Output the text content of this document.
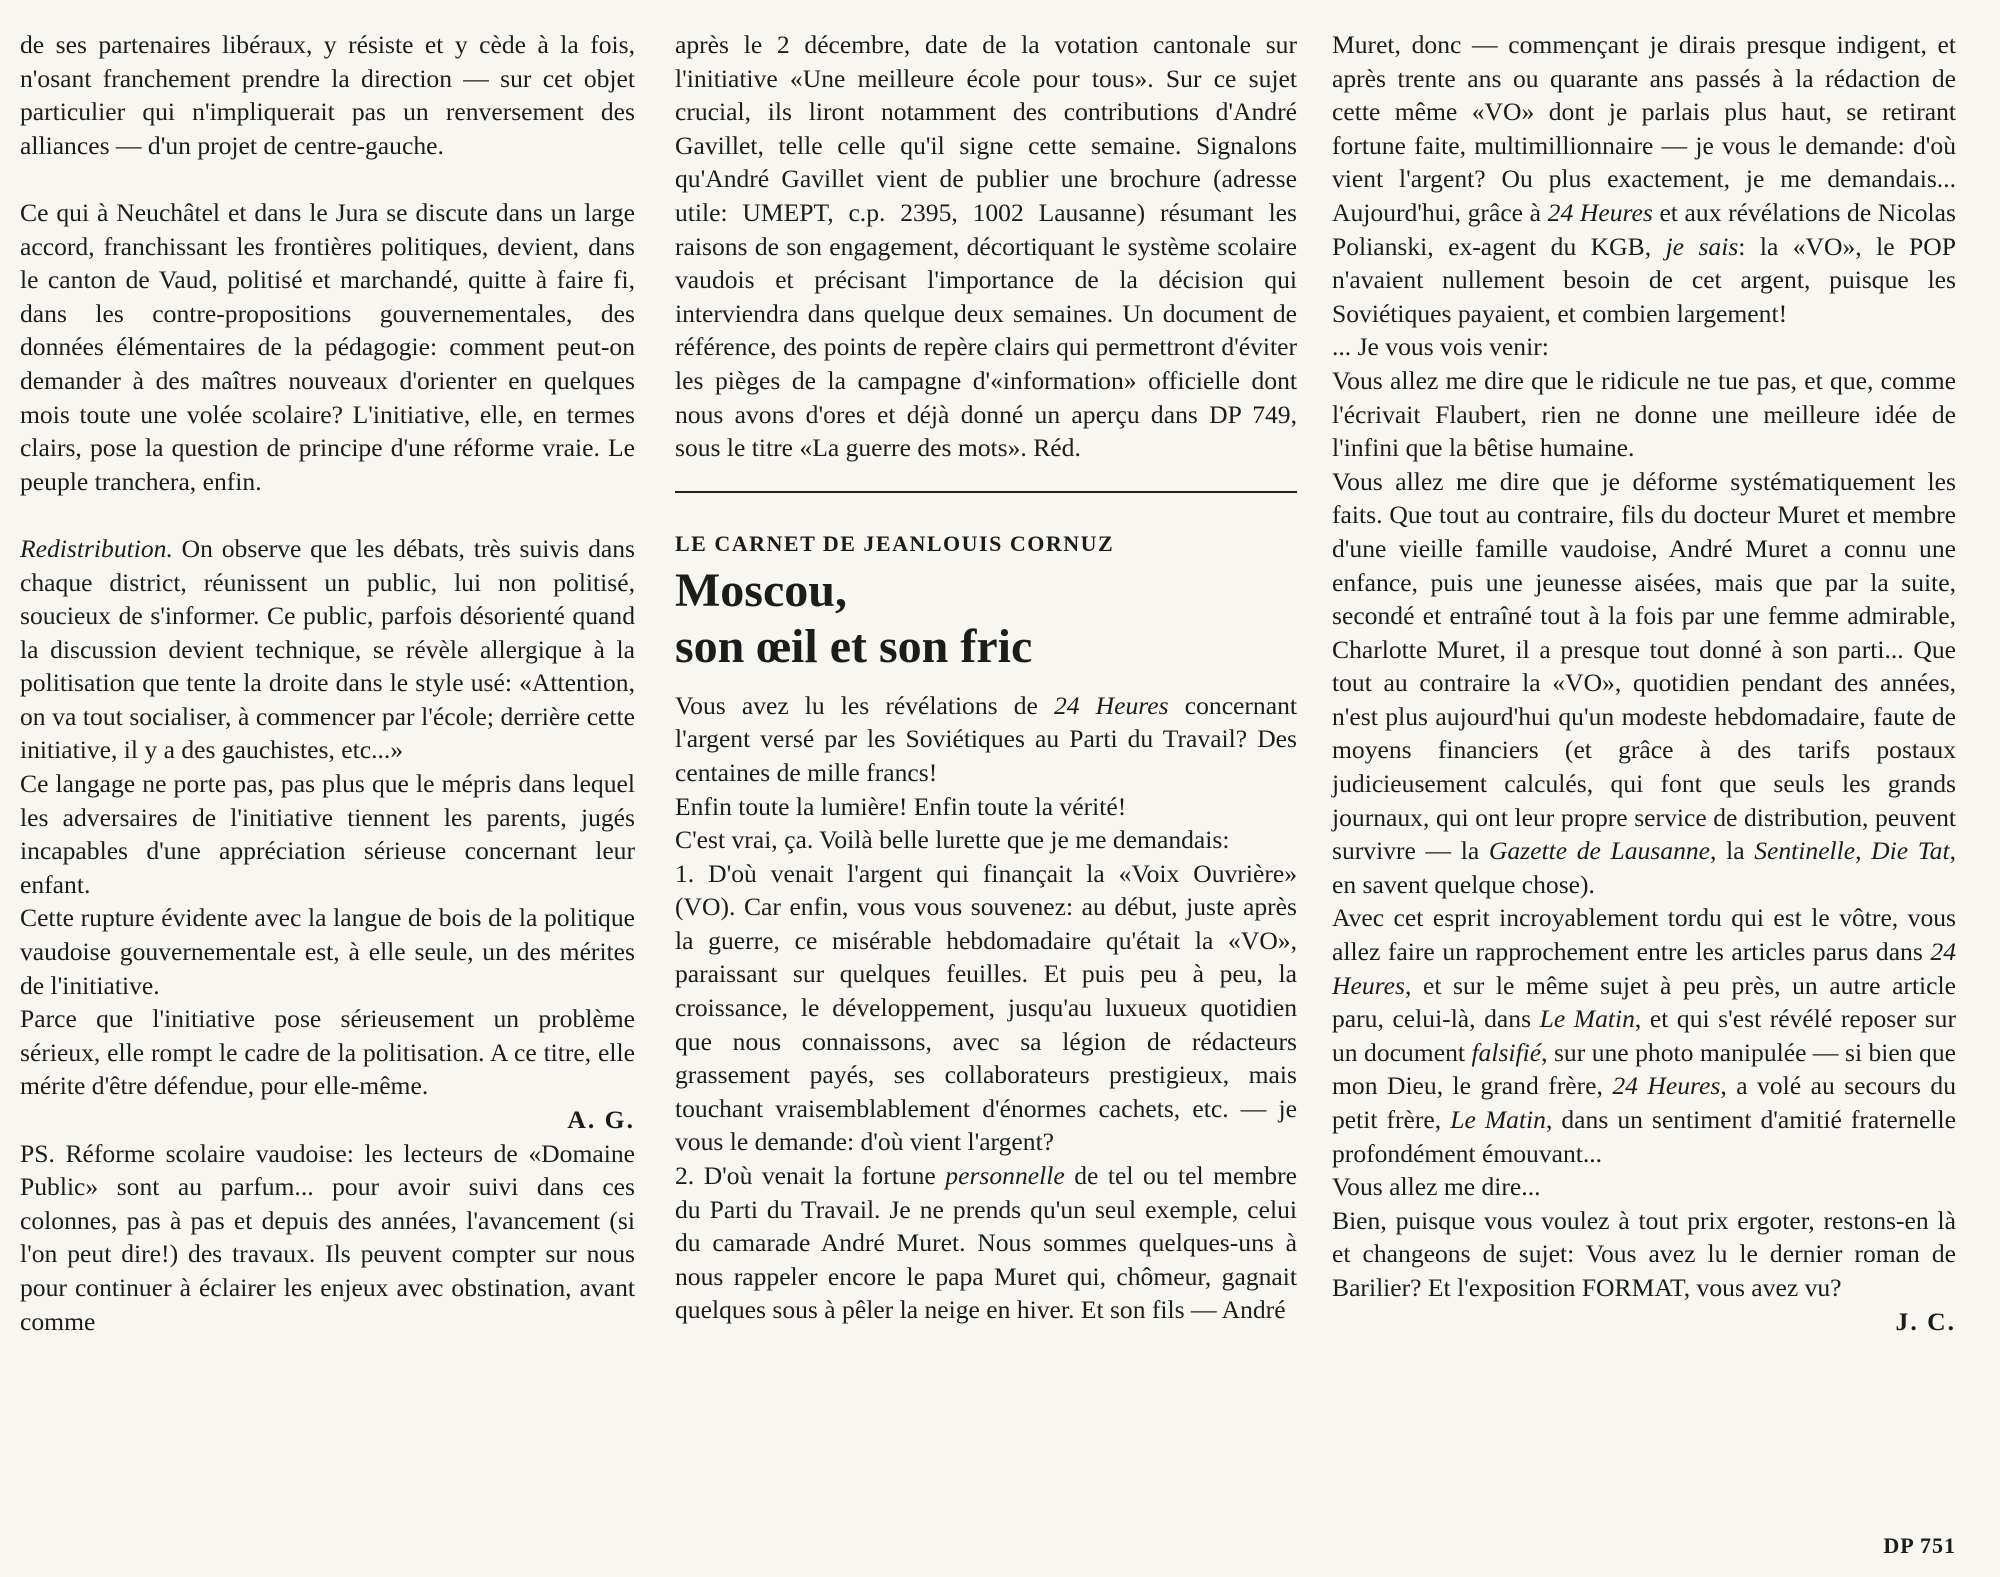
de ses partenaires libéraux, y résiste et y cède à la fois, n'osant franchement prendre la direction — sur cet objet particulier qui n'impliquerait pas un renversement des alliances — d'un projet de centre-gauche.

Ce qui à Neuchâtel et dans le Jura se discute dans un large accord, franchissant les frontières politiques, devient, dans le canton de Vaud, politisé et marchandé, quitte à faire fi, dans les contre-propositions gouvernementales, des données élémentaires de la pédagogie: comment peut-on demander à des maîtres nouveaux d'orienter en quelques mois toute une volée scolaire? L'initiative, elle, en termes clairs, pose la question de principe d'une réforme vraie. Le peuple tranchera, enfin.

Redistribution. On observe que les débats, très suivis dans chaque district, réunissent un public, lui non politisé, soucieux de s'informer. Ce public, parfois désorienté quand la discussion devient technique, se révèle allergique à la politisation que tente la droite dans le style usé: «Attention, on va tout socialiser, à commencer par l'école; derrière cette initiative, il y a des gauchistes, etc...»

Ce langage ne porte pas, pas plus que le mépris dans lequel les adversaires de l'initiative tiennent les parents, jugés incapables d'une appréciation sérieuse concernant leur enfant.

Cette rupture évidente avec la langue de bois de la politique vaudoise gouvernementale est, à elle seule, un des mérites de l'initiative.

Parce que l'initiative pose sérieusement un problème sérieux, elle rompt le cadre de la politisation. A ce titre, elle mérite d'être défendue, pour elle-même.

A. G.

PS. Réforme scolaire vaudoise: les lecteurs de «Domaine Public» sont au parfum... pour avoir suivi dans ces colonnes, pas à pas et depuis des années, l'avancement (si l'on peut dire!) des travaux. Ils peuvent compter sur nous pour continuer à éclairer les enjeux avec obstination, avant comme

après le 2 décembre, date de la votation cantonale sur l'initiative «Une meilleure école pour tous». Sur ce sujet crucial, ils liront notamment des contributions d'André Gavillet, telle celle qu'il signe cette semaine. Signalons qu'André Gavillet vient de publier une brochure (adresse utile: UMEPT, c.p. 2395, 1002 Lausanne) résumant les raisons de son engagement, décortiquant le système scolaire vaudois et précisant l'importance de la décision qui interviendra dans quelque deux semaines. Un document de référence, des points de repère clairs qui permettront d'éviter les pièges de la campagne d'«information» officielle dont nous avons d'ores et déjà donné un aperçu dans DP 749, sous le titre «La guerre des mots». Réd.

LE CARNET DE JEANLOUIS CORNUZ

Moscou,
son œil et son fric

Vous avez lu les révélations de 24 Heures concernant l'argent versé par les Soviétiques au Parti du Travail? Des centaines de mille francs!

Enfin toute la lumière! Enfin toute la vérité!

C'est vrai, ça. Voilà belle lurette que je me demandais:

1. D'où venait l'argent qui finançait la «Voix Ouvrière» (VO). Car enfin, vous vous souvenez: au début, juste après la guerre, ce misérable hebdomadaire qu'était la «VO», paraissant sur quelques feuilles. Et puis peu à peu, la croissance, le développement, jusqu'au luxueux quotidien que nous connaissons, avec sa légion de rédacteurs grassement payés, ses collaborateurs prestigieux, mais touchant vraisemblablement d'énormes cachets, etc. — je vous le demande: d'où vient l'argent?

2. D'où venait la fortune personnelle de tel ou tel membre du Parti du Travail. Je ne prends qu'un seul exemple, celui du camarade André Muret. Nous sommes quelques-uns à nous rappeler encore le papa Muret qui, chômeur, gagnait quelques sous à pêler la neige en hiver. Et son fils — André

Muret, donc — commençant je dirais presque indigent, et après trente ans ou quarante ans passés à la rédaction de cette même «VO» dont je parlais plus haut, se retirant fortune faite, multimillionnaire — je vous le demande: d'où vient l'argent? Ou plus exactement, je me demandais... Aujourd'hui, grâce à 24 Heures et aux révélations de Nicolas Polianski, ex-agent du KGB, je sais: la «VO», le POP n'avaient nullement besoin de cet argent, puisque les Soviétiques payaient, et combien largement!

... Je vous vois venir:

Vous allez me dire que le ridicule ne tue pas, et que, comme l'écrivait Flaubert, rien ne donne une meilleure idée de l'infini que la bêtise humaine.

Vous allez me dire que je déforme systématiquement les faits. Que tout au contraire, fils du docteur Muret et membre d'une vieille famille vaudoise, André Muret a connu une enfance, puis une jeunesse aisées, mais que par la suite, secondé et entraîné tout à la fois par une femme admirable, Charlotte Muret, il a presque tout donné à son parti... Que tout au contraire la «VO», quotidien pendant des années, n'est plus aujourd'hui qu'un modeste hebdomadaire, faute de moyens financiers (et grâce à des tarifs postaux judicieusement calculés, qui font que seuls les grands journaux, qui ont leur propre service de distribution, peuvent survivre — la Gazette de Lausanne, la Sentinelle, Die Tat, en savent quelque chose).

Avec cet esprit incroyablement tordu qui est le vôtre, vous allez faire un rapprochement entre les articles parus dans 24 Heures, et sur le même sujet à peu près, un autre article paru, celui-là, dans Le Matin, et qui s'est révélé reposer sur un document falsifié, sur une photo manipulée — si bien que mon Dieu, le grand frère, 24 Heures, a volé au secours du petit frère, Le Matin, dans un sentiment d'amitié fraternelle profondément émouvant...

Vous allez me dire...

Bien, puisque vous voulez à tout prix ergoter, restons-en là et changeons de sujet: Vous avez lu le dernier roman de Barilier? Et l'exposition FORMAT, vous avez vu?

J. C.

DP 751
